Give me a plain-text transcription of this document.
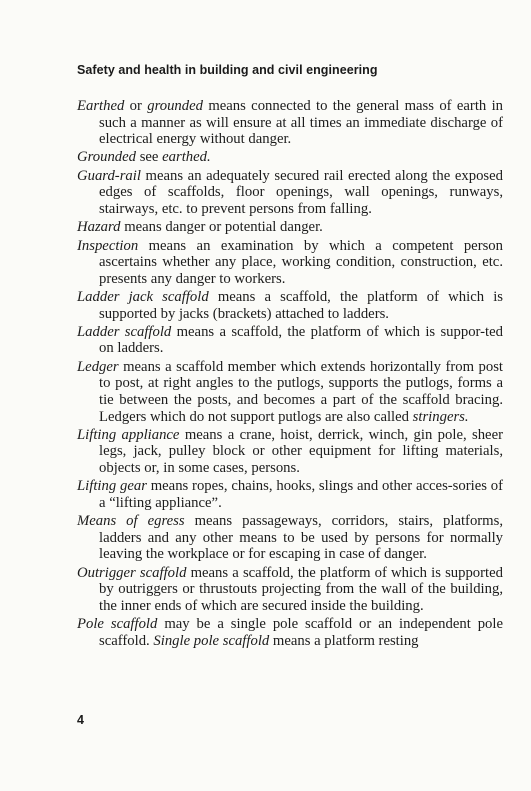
Safety and health in building and civil engineering

Earthed or grounded means connected to the general mass of earth in such a manner as will ensure at all times an immediate discharge of electrical energy without danger.

Grounded see earthed.

Guard-rail means an adequately secured rail erected along the exposed edges of scaffolds, floor openings, wall openings, runways, stairways, etc. to prevent persons from falling.

Hazard means danger or potential danger.

Inspection means an examination by which a competent person ascertains whether any place, working condition, construction, etc. presents any danger to workers.

Ladder jack scaffold means a scaffold, the platform of which is supported by jacks (brackets) attached to ladders.

Ladder scaffold means a scaffold, the platform of which is suppor-ted on ladders.

Ledger means a scaffold member which extends horizontally from post to post, at right angles to the putlogs, supports the putlogs, forms a tie between the posts, and becomes a part of the scaffold bracing. Ledgers which do not support putlogs are also called stringers.

Lifting appliance means a crane, hoist, derrick, winch, gin pole, sheer legs, jack, pulley block or other equipment for lifting materials, objects or, in some cases, persons.

Lifting gear means ropes, chains, hooks, slings and other acces-sories of a “lifting appliance”.

Means of egress means passageways, corridors, stairs, platforms, ladders and any other means to be used by persons for normally leaving the workplace or for escaping in case of danger.

Outrigger scaffold means a scaffold, the platform of which is supported by outriggers or thrustouts projecting from the wall of the building, the inner ends of which are secured inside the building.

Pole scaffold may be a single pole scaffold or an independent pole scaffold. Single pole scaffold means a platform resting

4
